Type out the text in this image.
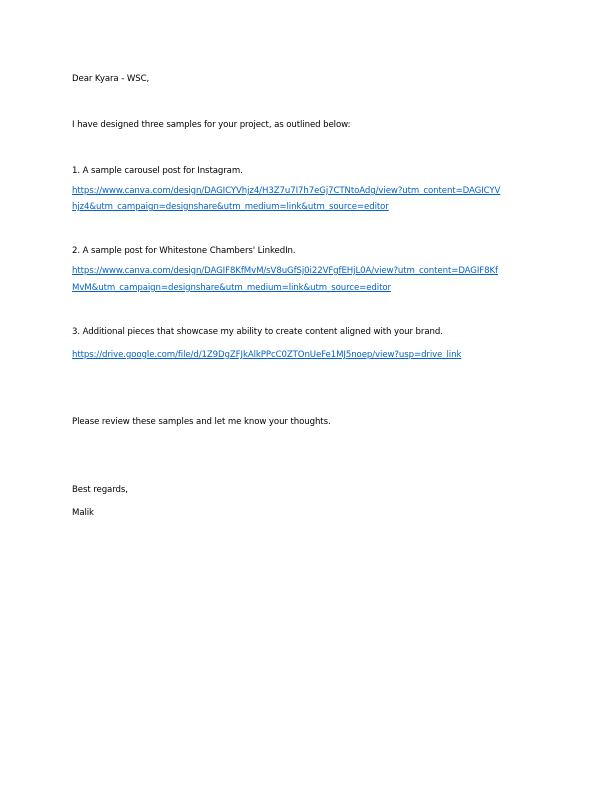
Dear Kyara - WSC,
I have designed three samples for your project, as outlined below:
1. A sample carousel post for Instagram.
https://www.canva.com/design/DAGICYVhjz4/H3Z7u7I7h7eGj7CTNtoAdg/view?utm_content=DAGICYV
hjz4&utm_campaign=designshare&utm_medium=link&utm_source=editor
2. A sample post for Whitestone Chambers' LinkedIn.
https://www.canva.com/design/DAGIF8KfMvM/sV8uGfSj0i22VFgfEHjL0A/view?utm_content=DAGIF8Kf
MvM&utm_campaign=designshare&utm_medium=link&utm_source=editor
3. Additional pieces that showcase my ability to create content aligned with your brand.
https://drive.google.com/file/d/1Z9DgZFJkAlkPPcC0ZTOnUeFe1MJ5noep/view?usp=drive_link
Please review these samples and let me know your thoughts.
Best regards,
Malik
